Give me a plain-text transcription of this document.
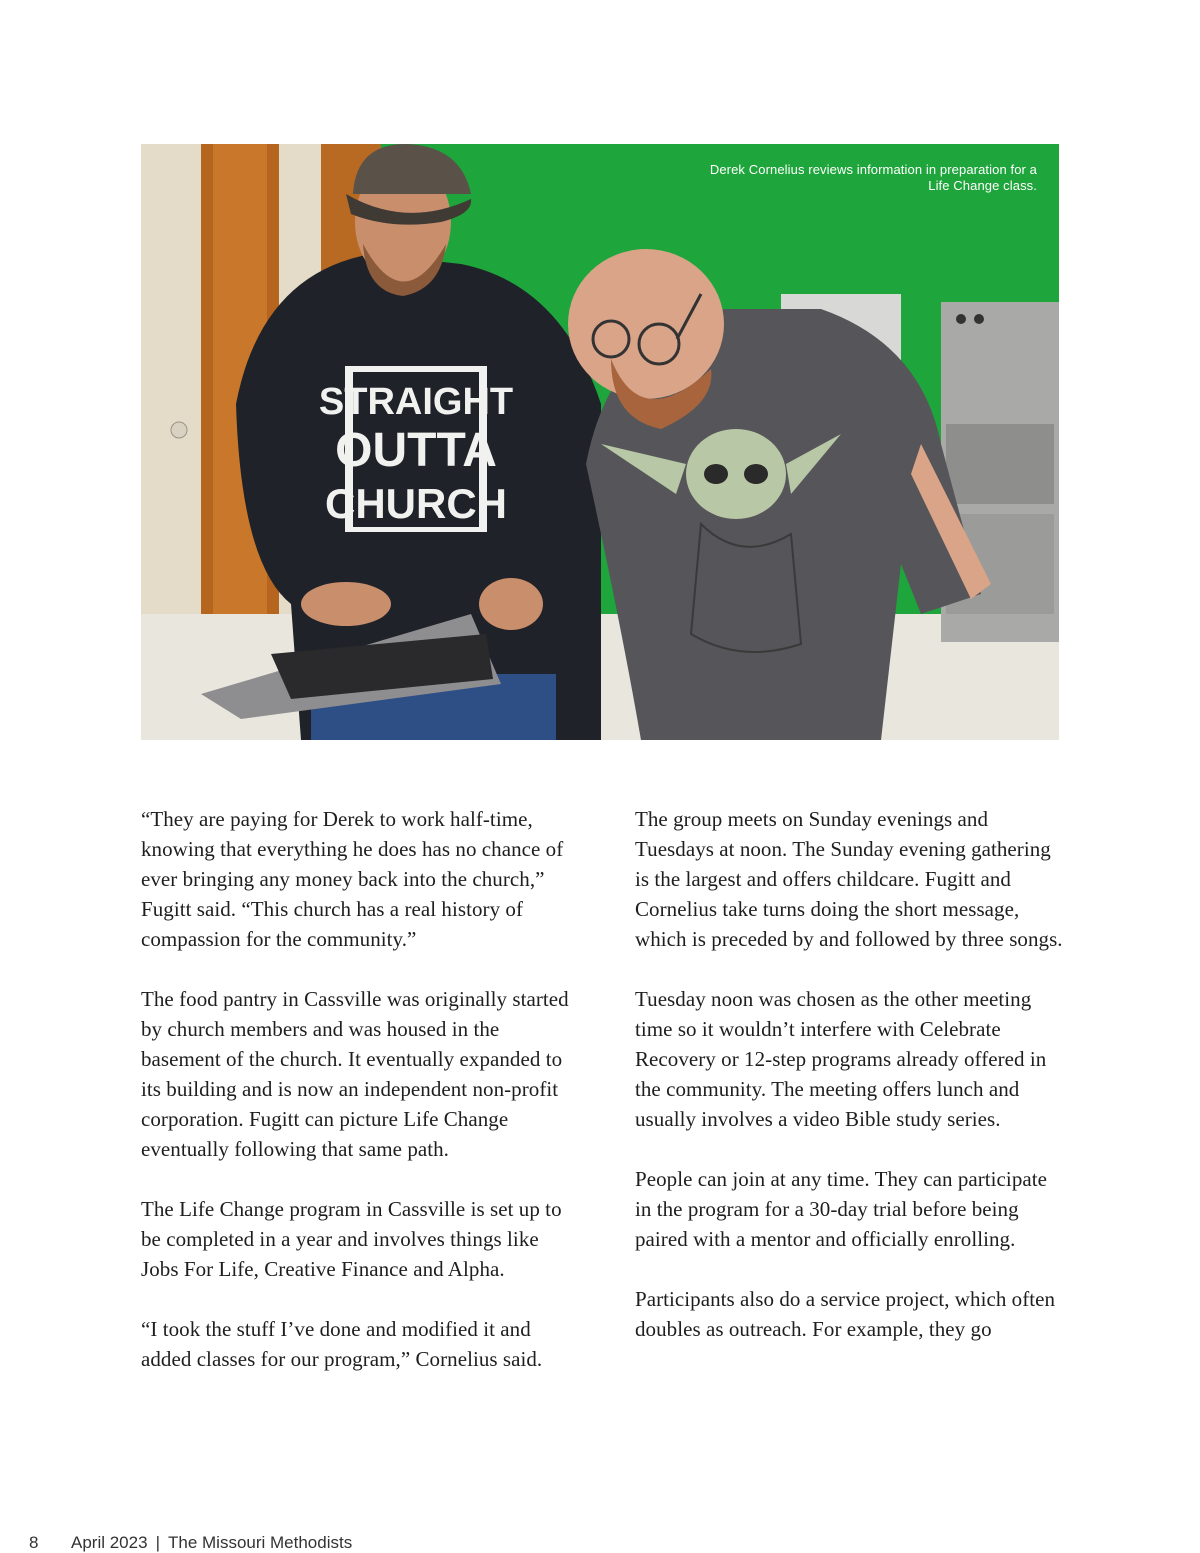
STRAIGHT
OUTTA
CHURCH
Derek Cornelius reviews information in preparation for a Life Change class.

“They are paying for Derek to work half-time, knowing that everything he does has no chance of ever bringing any money back into the church,” Fugitt said. “This church has a real history of compassion for the community.”

The food pantry in Cassville was originally started by church members and was housed in the basement of the church. It eventually expanded to its building and is now an independent non-profit corporation. Fugitt can picture Life Change eventually following that same path.

The Life Change program in Cassville is set up to be completed in a year and involves things like Jobs For Life, Creative Finance and Alpha.

“I took the stuff I’ve done and modified it and added classes for our program,” Cornelius said.

The group meets on Sunday evenings and Tuesdays at noon. The Sunday evening gathering is the largest and offers childcare. Fugitt and Cornelius take turns doing the short message, which is preceded by and followed by three songs.

Tuesday noon was chosen as the other meeting time so it wouldn’t interfere with Celebrate Recovery or 12-step programs already offered in the community. The meeting offers lunch and usually involves a video Bible study series.

People can join at any time. They can participate in the program for a 30-day trial before being paired with a mentor and officially enrolling.

Participants also do a service project, which often doubles as outreach. For example, they go

8 April 2023 | The Missouri Methodists
